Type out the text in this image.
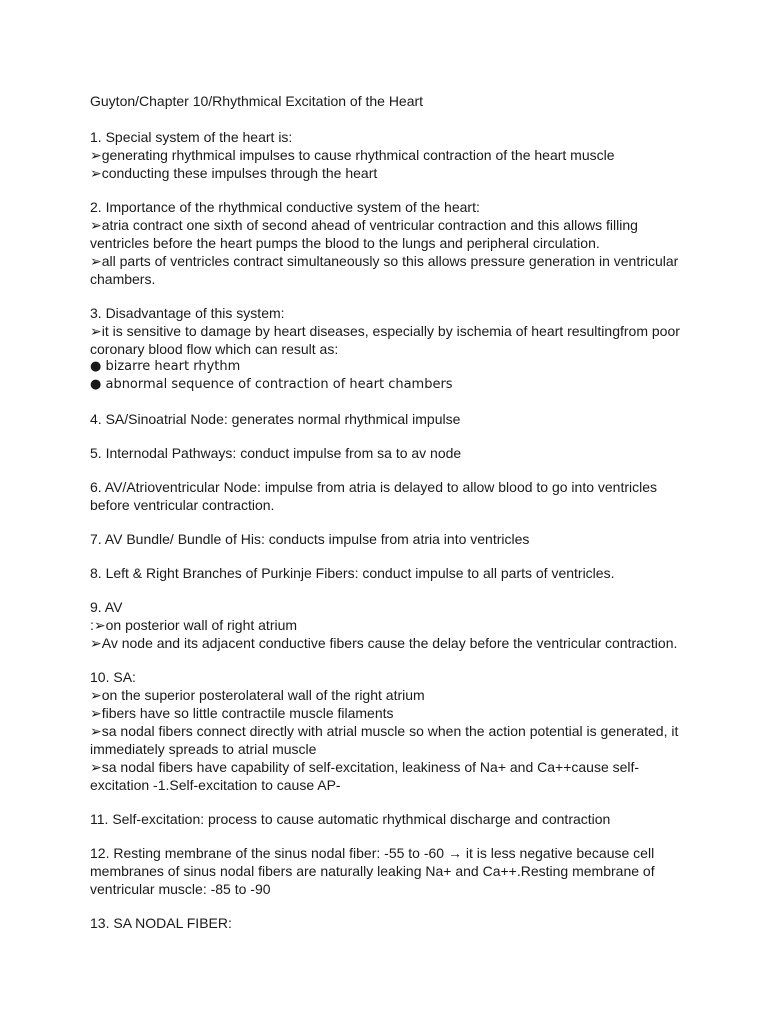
Guyton/Chapter 10/Rhythmical Excitation of the Heart
1. Special system of the heart is:
➢generating rhythmical impulses to cause rhythmical contraction of the heart muscle
➢conducting these impulses through the heart
2. Importance of the rhythmical conductive system of the heart:
➢atria contract one sixth of second ahead of ventricular contraction and this allows filling
ventricles before the heart pumps the blood to the lungs and peripheral circulation.
➢all parts of ventricles contract simultaneously so this allows pressure generation in ventricular
chambers.
3. Disadvantage of this system:
➢it is sensitive to damage by heart diseases, especially by ischemia of heart resultingfrom poor
coronary blood flow which can result as:
● bizarre heart rhythm
● abnormal sequence of contraction of heart chambers
4. SA/Sinoatrial Node: generates normal rhythmical impulse
5. Internodal Pathways: conduct impulse from sa to av node
6. AV/Atrioventricular Node: impulse from atria is delayed to allow blood to go into ventricles
before ventricular contraction.
7. AV Bundle/ Bundle of His: conducts impulse from atria into ventricles
8. Left & Right Branches of Purkinje Fibers: conduct impulse to all parts of ventricles.
9. AV
:➢on posterior wall of right atrium
➢Av node and its adjacent conductive fibers cause the delay before the ventricular contraction.
10. SA:
➢on the superior posterolateral wall of the right atrium
➢fibers have so little contractile muscle filaments
➢sa nodal fibers connect directly with atrial muscle so when the action potential is generated, it
immediately spreads to atrial muscle
➢sa nodal fibers have capability of self-excitation, leakiness of Na+ and Ca++cause self-
excitation -1.Self-excitation to cause AP-
11. Self-excitation: process to cause automatic rhythmical discharge and contraction
12. Resting membrane of the sinus nodal fiber: -55 to -60 → it is less negative because cell
membranes of sinus nodal fibers are naturally leaking Na+ and Ca++.Resting membrane of
ventricular muscle: -85 to -90
13. SA NODAL FIBER:
